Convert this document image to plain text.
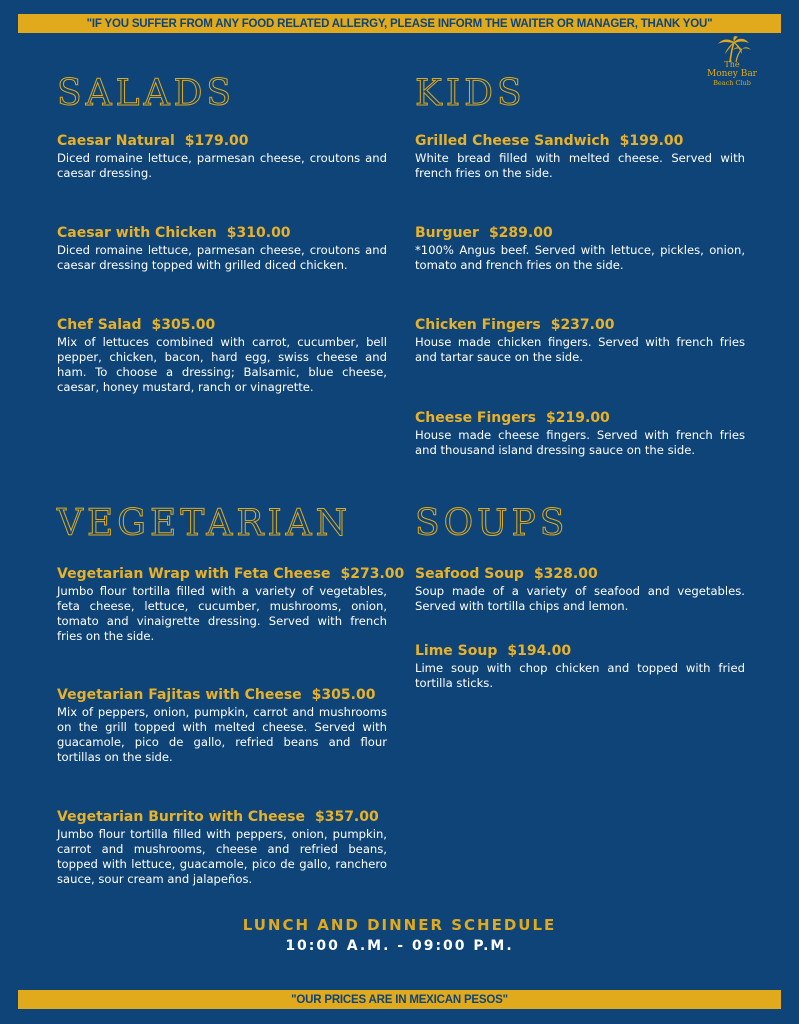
"IF YOU SUFFER FROM ANY FOOD RELATED ALLERGY, PLEASE INFORM THE WAITER OR MANAGER, THANK YOU"
The
Money Bar
Beach Club
SALADS
Caesar Natural $179.00
Diced romaine lettuce, parmesan cheese, croutons and caesar dressing.
Caesar with Chicken $310.00
Diced romaine lettuce, parmesan cheese, croutons and caesar dressing topped with grilled diced chicken.
Chef Salad $305.00
Mix of lettuces combined with carrot, cucumber, bell pepper, chicken, bacon, hard egg, swiss cheese and ham. To choose a dressing; Balsamic, blue cheese, caesar, honey mustard, ranch or vinagrette.
KIDS
Grilled Cheese Sandwich $199.00
White bread filled with melted cheese. Served with french fries on the side.
Burguer $289.00
*100% Angus beef. Served with lettuce, pickles, onion, tomato and french fries on the side.
Chicken Fingers $237.00
House made chicken fingers. Served with french fries and tartar sauce on the side.
Cheese Fingers $219.00
House made cheese fingers. Served with french fries and thousand island dressing sauce on the side.
VEGETARIAN
Vegetarian Wrap with Feta Cheese $273.00
Jumbo flour tortilla filled with a variety of vegetables, feta cheese, lettuce, cucumber, mushrooms, onion, tomato and vinaigrette dressing. Served with french fries on the side.
Vegetarian Fajitas with Cheese $305.00
Mix of peppers, onion, pumpkin, carrot and mushrooms on the grill topped with melted cheese. Served with guacamole, pico de gallo, refried beans and flour tortillas on the side.
Vegetarian Burrito with Cheese $357.00
Jumbo flour tortilla filled with peppers, onion, pumpkin, carrot and mushrooms, cheese and refried beans, topped with lettuce, guacamole, pico de gallo, ranchero sauce, sour cream and jalapeños.
SOUPS
Seafood Soup $328.00
Soup made of a variety of seafood and vegetables. Served with tortilla chips and lemon.
Lime Soup $194.00
Lime soup with chop chicken and topped with fried tortilla sticks.
LUNCH AND DINNER SCHEDULE
10:00 A.M. - 09:00 P.M.
"OUR PRICES ARE IN MEXICAN PESOS"
